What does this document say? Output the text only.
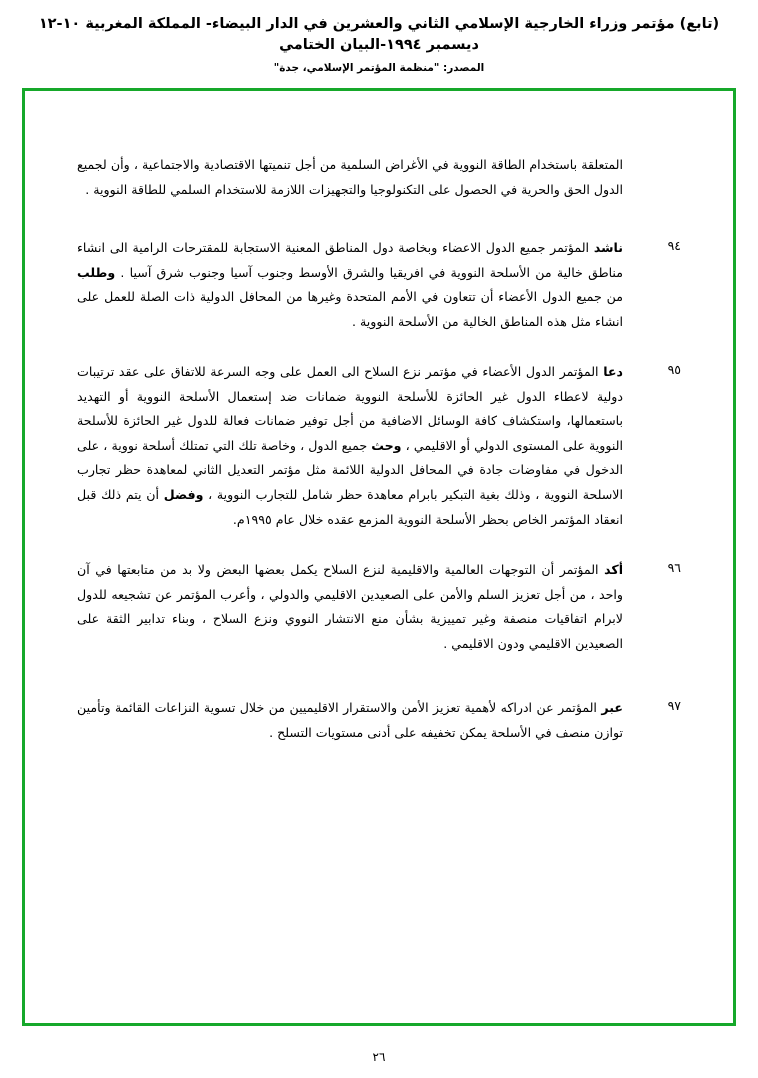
(تابع) مؤتمر وزراء الخارجية الإسلامي الثاني والعشرين في الدار البيضاء- المملكة المغربية ١٠-١٢ ديسمبر ١٩٩٤-البيان الختامي
المصدر: "منظمة المؤتمر الإسلامي، جدة"
المتعلقة باستخدام الطاقة النووية في الأغراض السلمية من أجل تنميتها الاقتصادية والاجتماعية ، وأن لجميع الدول الحق والحرية في الحصول على التكنولوجيا والتجهيزات اللازمة للاستخدام السلمي للطاقة النووية .
٩٤
ناشد المؤتمر جميع الدول الاعضاء وبخاصة دول المناطق المعنية الاستجابة للمقترحات الرامية الى انشاء مناطق خالية من الأسلحة النووية في افريقيا والشرق الأوسط وجنوب آسيا وجنوب شرق آسيا . وطلب من جميع الدول الأعضاء أن تتعاون في الأمم المتحدة وغيرها من المحافل الدولية ذات الصلة للعمل على انشاء مثل هذه المناطق الخالية من الأسلحة النووية .
٩٥
دعا المؤتمر الدول الأعضاء في مؤتمر نزع السلاح الى العمل على وجه السرعة للاتفاق على عقد ترتيبات دولية لاعطاء الدول غير الحائزة للأسلحة النووية ضمانات ضد إستعمال الأسلحة النووية أو التهديد باستعمالها، واستكشاف كافة الوسائل الاضافية من أجل توفير ضمانات فعالة للدول غير الحائزة للأسلحة النووية على المستوى الدولي أو الاقليمي ، وحث جميع الدول ، وخاصة تلك التي تمتلك أسلحة نووية ، على الدخول في مفاوضات جادة في المحافل الدولية اللائمة مثل مؤتمر التعديل الثاني لمعاهدة حظر تجارب الاسلحة النووية ، وذلك بغية التبكير بابرام معاهدة حظر شامل للتجارب النووية ، وفضل أن يتم ذلك قبل انعقاد المؤتمر الخاص بحظر الأسلحة النووية المزمع عقده خلال عام ١٩٩٥م.
٩٦
أكد المؤتمر أن التوجهات العالمية والاقليمية لنزع السلاح يكمل بعضها البعض ولا بد من متابعتها في آن واحد ، من أجل تعزيز السلم والأمن على الصعيدين الاقليمي والدولي ، وأعرب المؤتمر عن تشجيعه للدول لابرام اتفاقيات منصفة وغير تمييزية بشأن منع الانتشار النووي ونزع السلاح ، وبناء تدابير الثقة على الصعيدين الاقليمي ودون الاقليمي .
٩٧
عبر المؤتمر عن ادراكه لأهمية تعزيز الأمن والاستقرار الاقليميين من خلال تسوية النزاعات القائمة وتأمين توازن منصف في الأسلحة يمكن تخفيفه على أدنى مستويات التسلح .
٢٦
